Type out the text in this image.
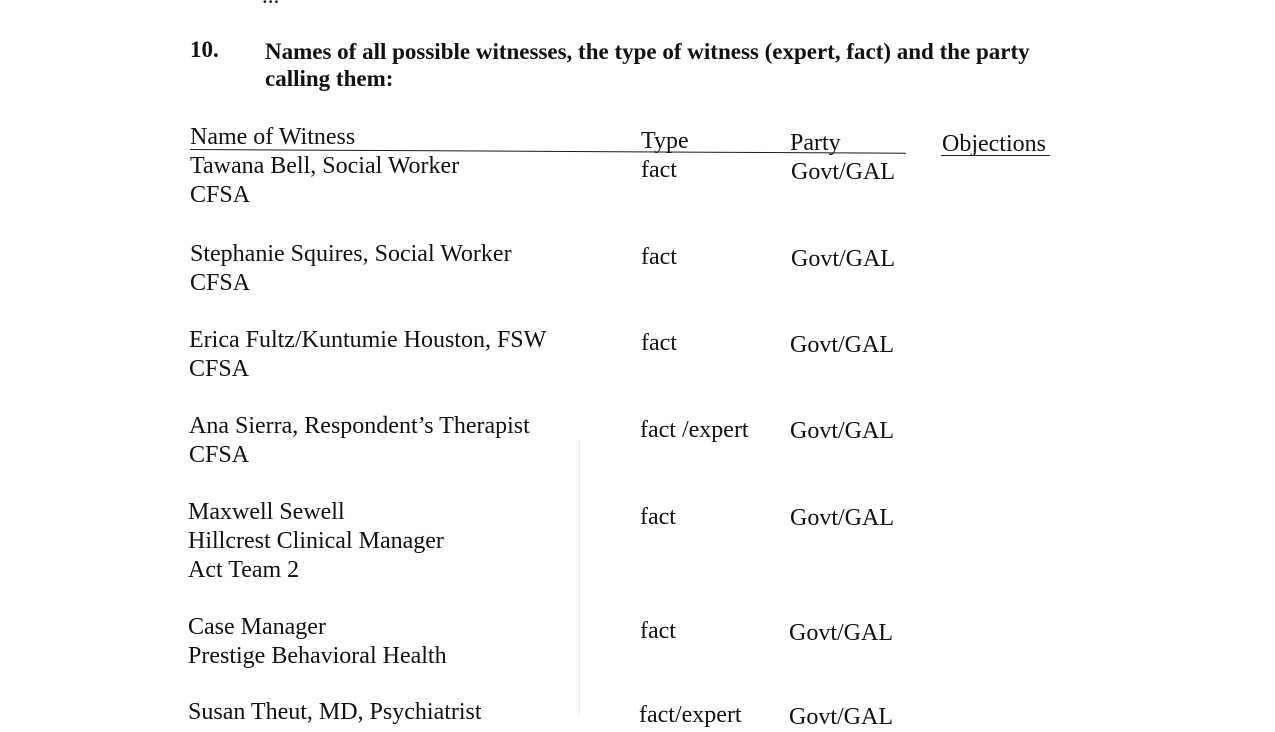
10. Names of all possible witnesses, the type of witness (expert, fact) and the party calling them:
Name of Witness	Type	Party	Objections
Tawana Bell, Social Worker
CFSA
fact	Govt/GAL
Stephanie Squires, Social Worker
CFSA
fact	Govt/GAL
Erica Fultz/Kuntumie Houston, FSW
CFSA
fact	Govt/GAL
Ana Sierra, Respondent’s Therapist
CFSA
fact /expert Govt/GAL
Maxwell Sewell
Hillcrest Clinical Manager
Act Team 2
fact	Govt/GAL
Case Manager
Prestige Behavioral Health
fact	Govt/GAL
Susan Theut, MD, Psychiatrist	fact/expert Govt/GAL
